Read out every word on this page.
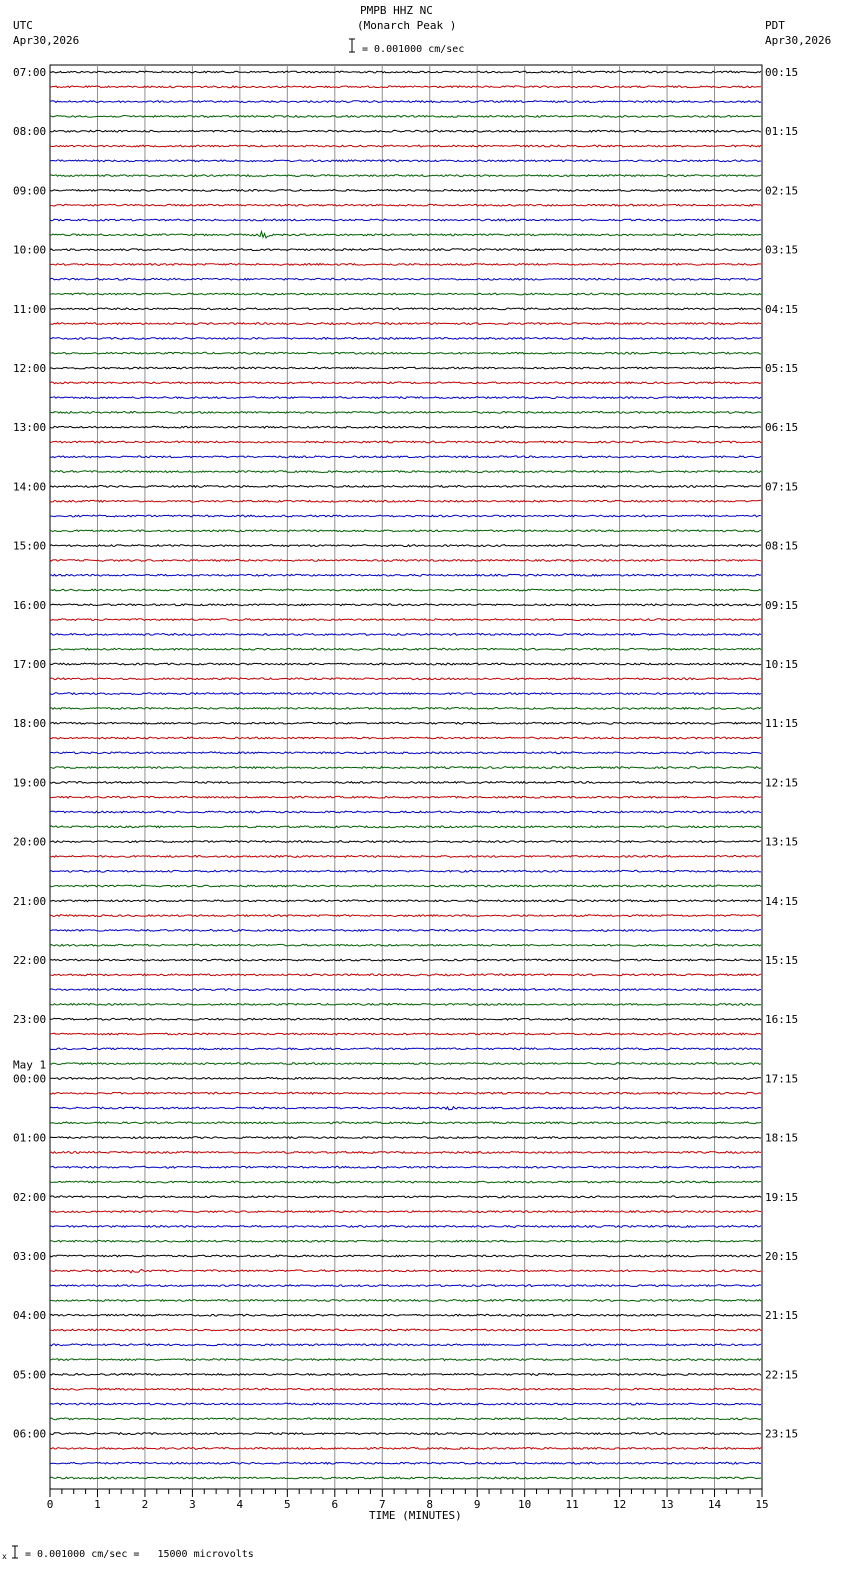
0	1	2	3	4	5	6	7	8	9	10	11	12	13	14	15
07:00
08:00
09:00
10:00
11:00
12:00
13:00
14:00
15:00
16:00
17:00
18:00
19:00
20:00
21:00
22:00
23:00
00:00
01:00
02:00
03:00
04:00
05:00
06:00
00:15
01:15
02:15
03:15
04:15
05:15
06:15
07:15
08:15
09:15
10:15
11:15
12:15
13:15
14:15
15:15
16:15
17:15
18:15
19:15
20:15
21:15
22:15
23:15
May 1
PMPB HHZ NC
(Monarch Peak )
= 0.001000 cm/sec
UTC
Apr30,2026
PDT
Apr30,2026
TIME (MINUTES)
x = 0.001000 cm/sec =   15000 microvolts
